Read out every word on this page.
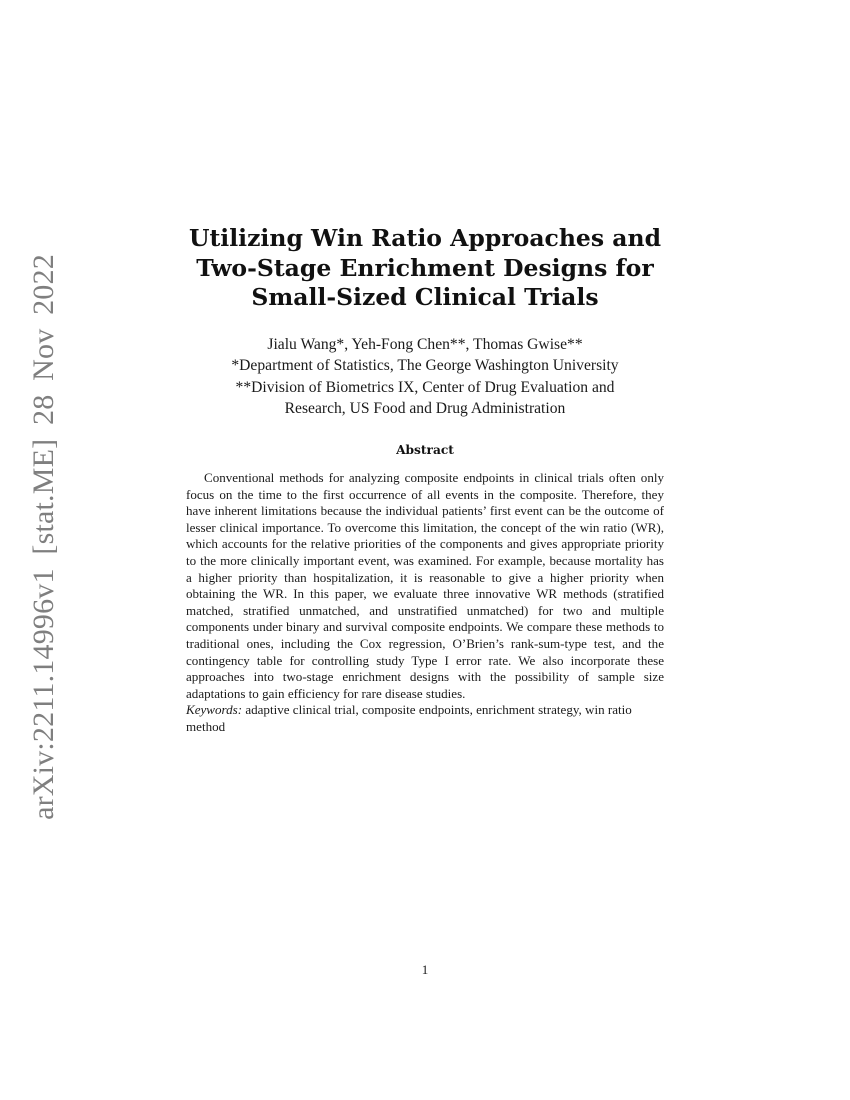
arXiv:2211.14996v1 [stat.ME] 28 Nov 2022
Utilizing Win Ratio Approaches and
Two-Stage Enrichment Designs for
Small-Sized Clinical Trials
Jialu Wang*, Yeh-Fong Chen**, Thomas Gwise**
*Department of Statistics, The George Washington University
**Division of Biometrics IX, Center of Drug Evaluation and
Research, US Food and Drug Administration
Abstract

Conventional methods for analyzing composite endpoints in clinical trials often only focus on the time to the first occurrence of all events in the composite. Therefore, they have inherent limitations because the individual patients’ first event can be the outcome of lesser clinical importance. To overcome this limitation, the concept of the win ratio (WR), which accounts for the relative priorities of the components and gives appropriate priority to the more clinically important event, was examined. For example, because mortality has a higher priority than hospitalization, it is reasonable to give a higher priority when obtaining the WR. In this paper, we evaluate three innovative WR methods (stratified matched, stratified unmatched, and unstratified unmatched) for two and multiple components under binary and survival composite endpoints. We compare these methods to traditional ones, including the Cox regression, O’Brien’s rank-sum-type test, and the contingency table for controlling study Type I error rate. We also incorporate these approaches into two-stage enrichment designs with the possibility of sample size adaptations to gain efficiency for rare disease studies.

Keywords: adaptive clinical trial, composite endpoints, enrichment strategy, win ratio method

1
